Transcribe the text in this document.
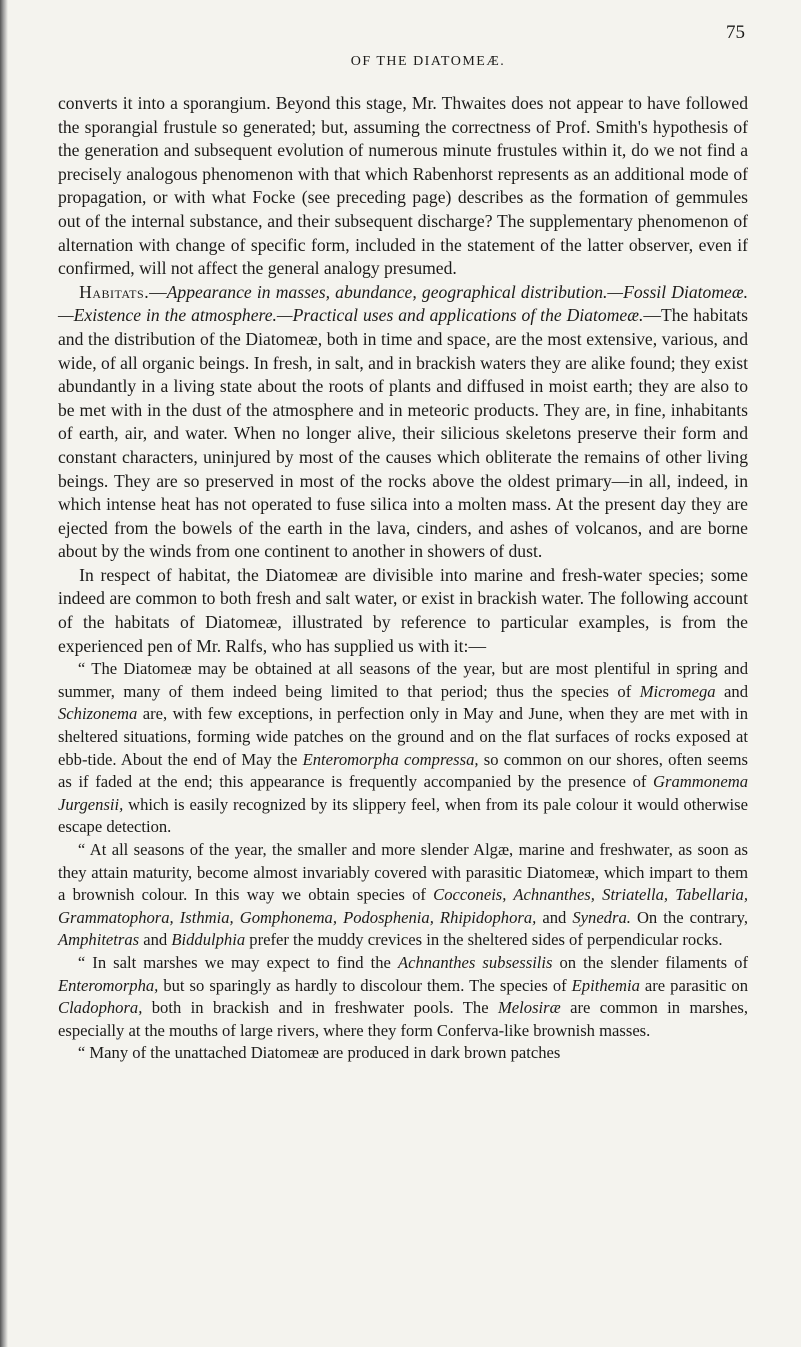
OF THE DIATOMEÆ.
75

converts it into a sporangium. Beyond this stage, Mr. Thwaites does not appear to have followed the sporangial frustule so generated; but, assuming the correctness of Prof. Smith's hypothesis of the generation and subsequent evolution of numerous minute frustules within it, do we not find a precisely analogous phenomenon with that which Rabenhorst represents as an additional mode of propagation, or with what Focke (see preceding page) describes as the formation of gemmules out of the internal substance, and their subsequent discharge? The supplementary phenomenon of alternation with change of specific form, included in the statement of the latter observer, even if confirmed, will not affect the general analogy presumed.

Habitats.—Appearance in masses, abundance, geographical distribution.—Fossil Diatomeæ.—Existence in the atmosphere.—Practical uses and applications of the Diatomeæ.—The habitats and the distribution of the Diatomeæ, both in time and space, are the most extensive, various, and wide, of all organic beings. In fresh, in salt, and in brackish waters they are alike found; they exist abundantly in a living state about the roots of plants and diffused in moist earth; they are also to be met with in the dust of the atmosphere and in meteoric products. They are, in fine, inhabitants of earth, air, and water. When no longer alive, their silicious skeletons preserve their form and constant characters, uninjured by most of the causes which obliterate the remains of other living beings. They are so preserved in most of the rocks above the oldest primary—in all, indeed, in which intense heat has not operated to fuse silica into a molten mass. At the present day they are ejected from the bowels of the earth in the lava, cinders, and ashes of volcanos, and are borne about by the winds from one continent to another in showers of dust.

In respect of habitat, the Diatomeæ are divisible into marine and fresh-water species; some indeed are common to both fresh and salt water, or exist in brackish water. The following account of the habitats of Diatomeæ, illustrated by reference to particular examples, is from the experienced pen of Mr. Ralfs, who has supplied us with it:—

“ The Diatomeæ may be obtained at all seasons of the year, but are most plentiful in spring and summer, many of them indeed being limited to that period; thus the species of Micromega and Schizonema are, with few exceptions, in perfection only in May and June, when they are met with in sheltered situations, forming wide patches on the ground and on the flat surfaces of rocks exposed at ebb-tide. About the end of May the Enteromorpha compressa, so common on our shores, often seems as if faded at the end; this appearance is frequently accompanied by the presence of Grammonema Jurgensii, which is easily recognized by its slippery feel, when from its pale colour it would otherwise escape detection.

“ At all seasons of the year, the smaller and more slender Algæ, marine and freshwater, as soon as they attain maturity, become almost invariably covered with parasitic Diatomeæ, which impart to them a brownish colour. In this way we obtain species of Cocconeis, Achnanthes, Striatella, Tabellaria, Grammatophora, Isthmia, Gomphonema, Podosphenia, Rhipidophora, and Synedra. On the contrary, Amphitetras and Biddulphia prefer the muddy crevices in the sheltered sides of perpendicular rocks.

“ In salt marshes we may expect to find the Achnanthes subsessilis on the slender filaments of Enteromorpha, but so sparingly as hardly to discolour them. The species of Epithemia are parasitic on Cladophora, both in brackish and in freshwater pools. The Melosiræ are common in marshes, especially at the mouths of large rivers, where they form Conferva-like brownish masses.

“ Many of the unattached Diatomeæ are produced in dark brown patches
